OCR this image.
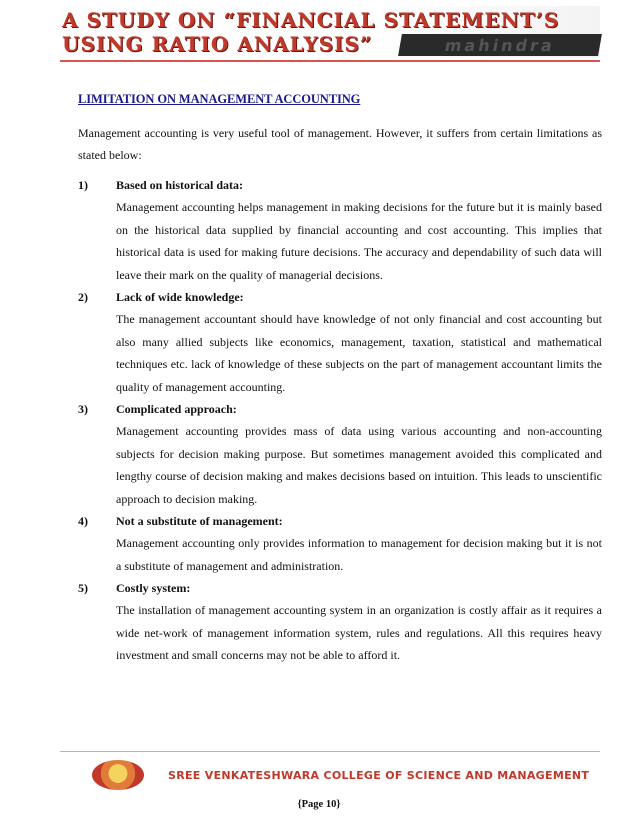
A STUDY ON “FINANCIAL STATEMENT’S
USING RATIO ANALYSIS”	mahindra
LIMITATION ON MANAGEMENT ACCOUNTING
Management accounting is very useful tool of management. However, it suffers from certain limitations as stated below:
1) Based on historical data:
Management accounting helps management in making decisions for the future but it is mainly based on the historical data supplied by financial accounting and cost accounting. This implies that historical data is used for making future decisions. The accuracy and dependability of such data will leave their mark on the quality of managerial decisions.
2) Lack of wide knowledge:
The management accountant should have knowledge of not only financial and cost accounting but also many allied subjects like economics, management, taxation, statistical and mathematical techniques etc. lack of knowledge of these subjects on the part of management accountant limits the quality of management accounting.
3) Complicated approach:
Management accounting provides mass of data using various accounting and non-accounting subjects for decision making purpose. But sometimes management avoided this complicated and lengthy course of decision making and makes decisions based on intuition. This leads to unscientific approach to decision making.
4) Not a substitute of management:
Management accounting only provides information to management for decision making but it is not a substitute of management and administration.
5) Costly system:
The installation of management accounting system in an organization is costly affair as it requires a wide net-work of management information system, rules and regulations. All this requires heavy investment and small concerns may not be able to afford it.
SREE VENKATESHWARA COLLEGE OF SCIENCE AND MANAGEMENT
{Page 10}
